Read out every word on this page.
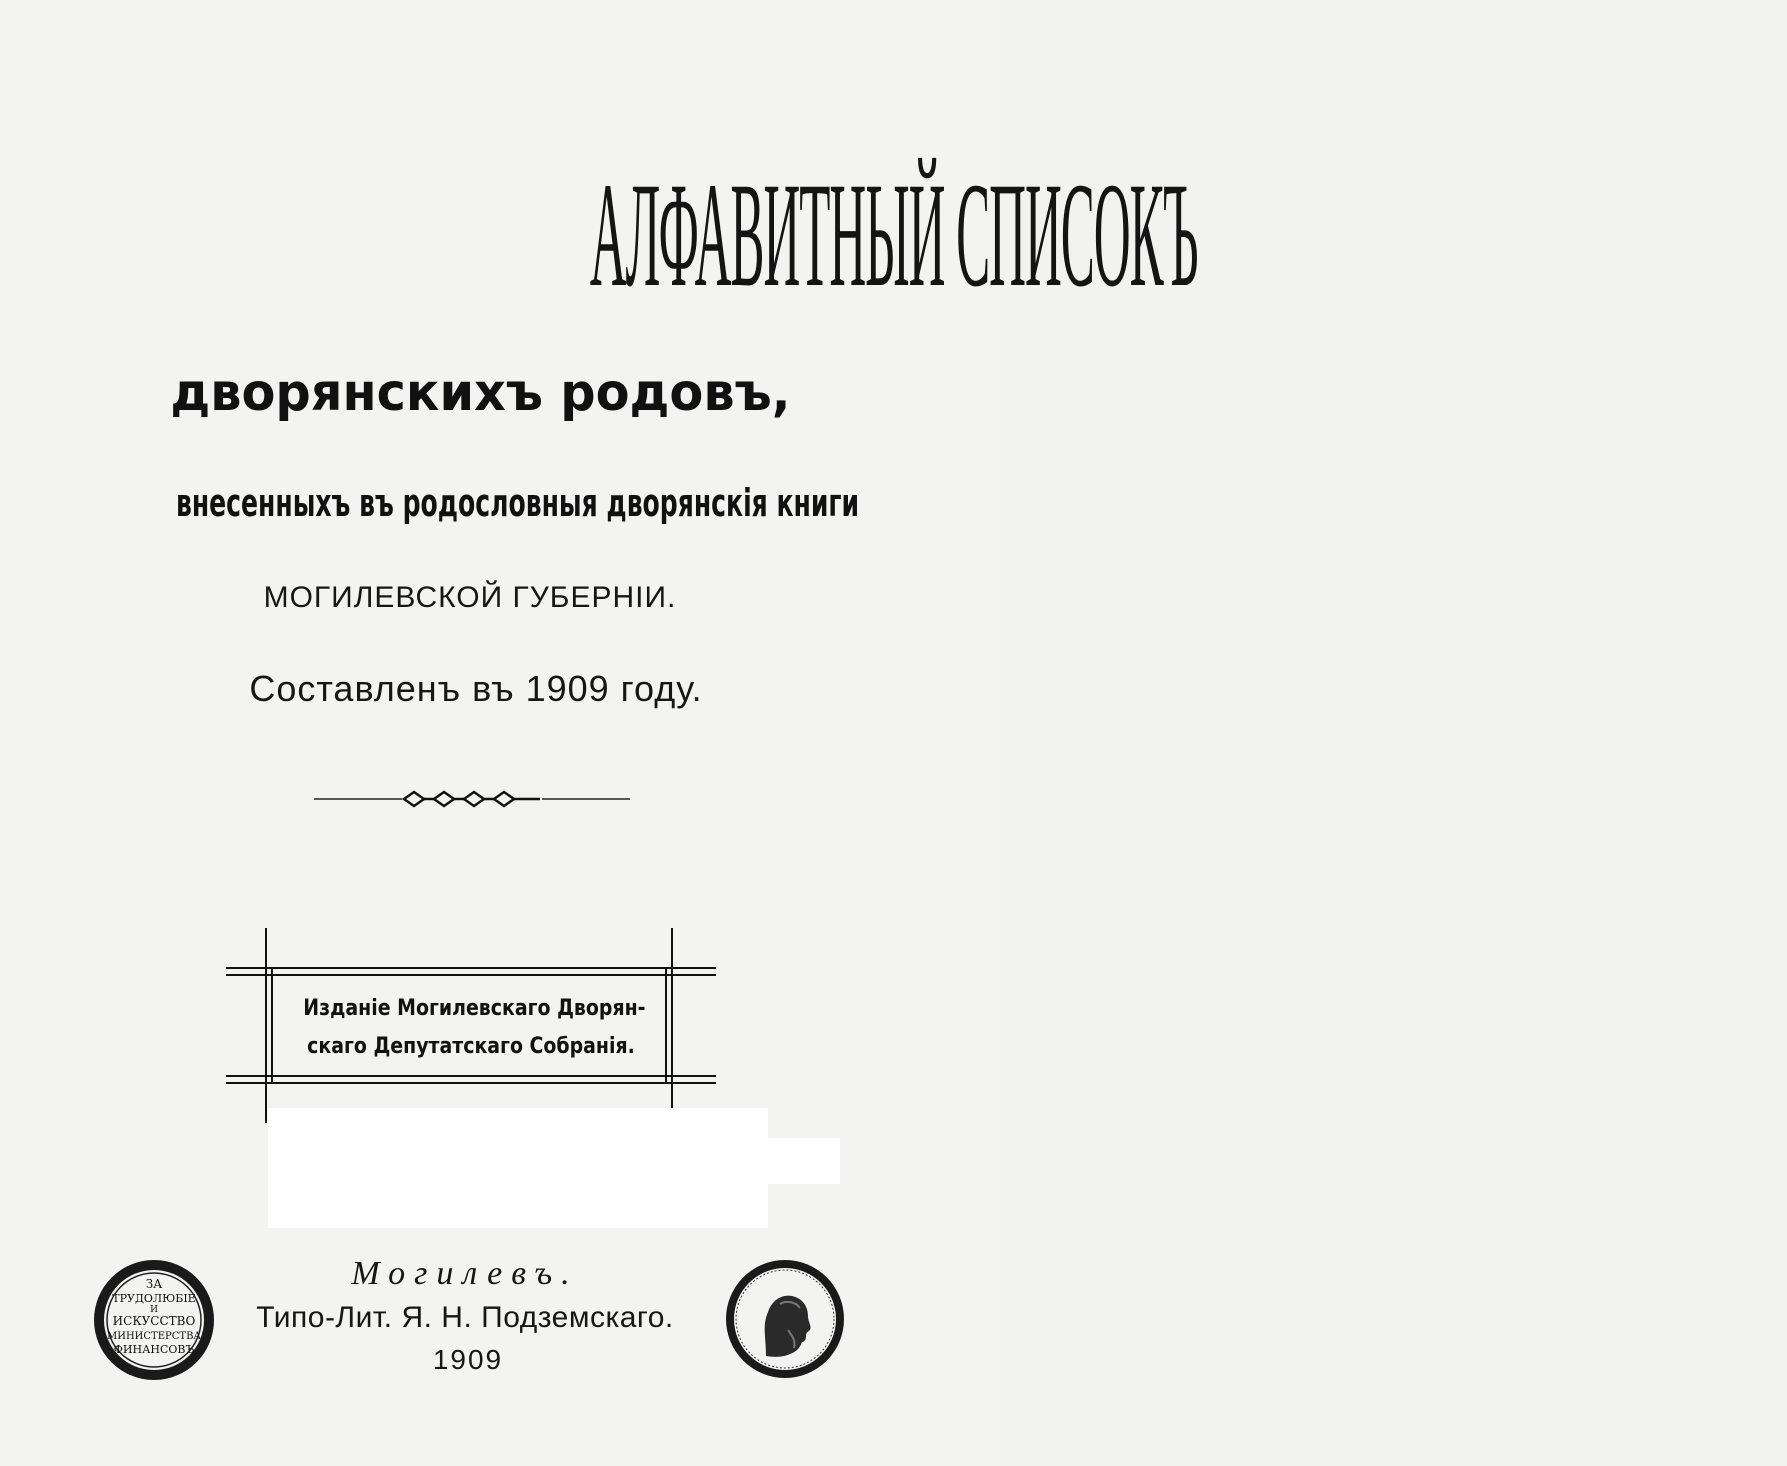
АЛФАВИТНЫЙ СПИСОКЪ
дворянскихъ родовъ,
внесенныхъ въ родословныя дворянскія книги
МОГИЛЕВСКОЙ ГУБЕРНІИ.
Составленъ въ 1909 году.
Изданіе Могилевскаго Дворян-
скаго Депутатскаго Собранія.
ЗА
ТРУДОЛЮБІЕ
И
ИСКУССТВО
МИНИСТЕРСТВА
ФИНАНСОВЪ
Могилевъ.
Типо-Лит. Я. Н. Подземскаго.
1909
